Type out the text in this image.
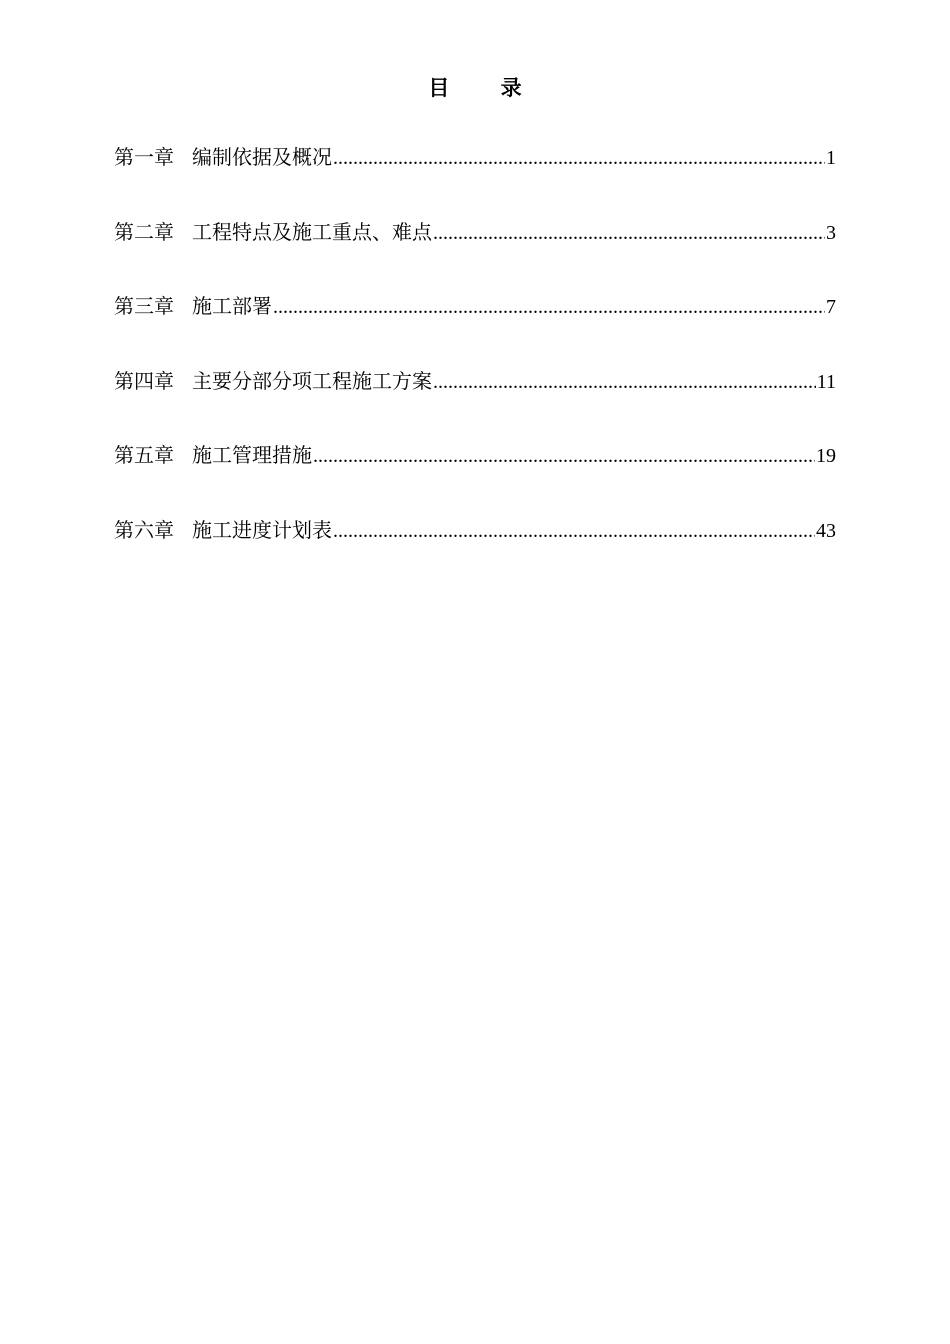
目 录
第一章 编制依据及概况 .....	1
第二章 工程特点及施工重点、难点 .....	3
第三章 施工部署 .....	7
第四章 主要分部分项工程施工方案 .....	11
第五章 施工管理措施 .....	19
第六章 施工进度计划表 .....	43
